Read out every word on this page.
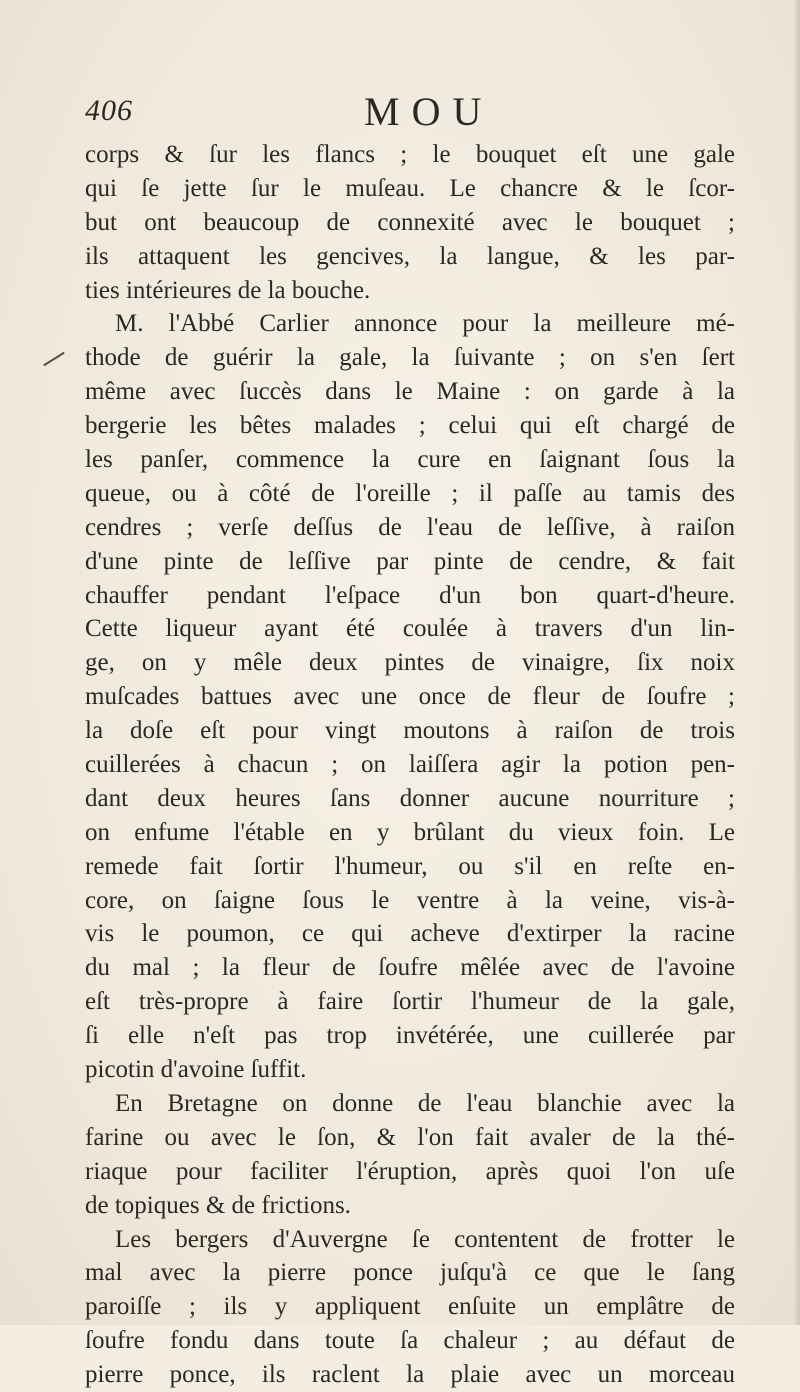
406	MOU
corps & ſur les flancs ; le bouquet eſt une gale
qui ſe jette ſur le muſeau. Le chancre & le ſcor-
but ont beaucoup de connexité avec le bouquet ;
ils attaquent les gencives, la langue, & les par-
ties intérieures de la bouche.
M. l'Abbé Carlier annonce pour la meilleure mé-
thode de guérir la gale, la ſuivante ; on s'en ſert
même avec ſuccès dans le Maine : on garde à la
bergerie les bêtes malades ; celui qui eſt chargé de
les panſer, commence la cure en ſaignant ſous la
queue, ou à côté de l'oreille ; il paſſe au tamis des
cendres ; verſe deſſus de l'eau de leſſive, à raiſon
d'une pinte de leſſive par pinte de cendre, & fait
chauffer pendant l'eſpace d'un bon quart-d'heure.
Cette liqueur ayant été coulée à travers d'un lin-
ge, on y mêle deux pintes de vinaigre, ſix noix
muſcades battues avec une once de fleur de ſoufre ;
la doſe eſt pour vingt moutons à raiſon de trois
cuillerées à chacun ; on laiſſera agir la potion pen-
dant deux heures ſans donner aucune nourriture ;
on enfume l'étable en y brûlant du vieux foin. Le
remede fait ſortir l'humeur, ou s'il en reſte en-
core, on ſaigne ſous le ventre à la veine, vis-à-
vis le poumon, ce qui acheve d'extirper la racine
du mal ; la fleur de ſoufre mêlée avec de l'avoine
eſt très-propre à faire ſortir l'humeur de la gale,
ſi elle n'eſt pas trop invétérée, une cuillerée par
picotin d'avoine ſuffit.
En Bretagne on donne de l'eau blanchie avec la
farine ou avec le ſon, & l'on fait avaler de la thé-
riaque pour faciliter l'éruption, après quoi l'on uſe
de topiques & de frictions.
Les bergers d'Auvergne ſe contentent de frotter le
mal avec la pierre ponce juſqu'à ce que le ſang
paroiſſe ; ils y appliquent enſuite un emplâtre de
ſoufre fondu dans toute ſa chaleur ; au défaut de
pierre ponce, ils raclent la plaie avec un morceau
